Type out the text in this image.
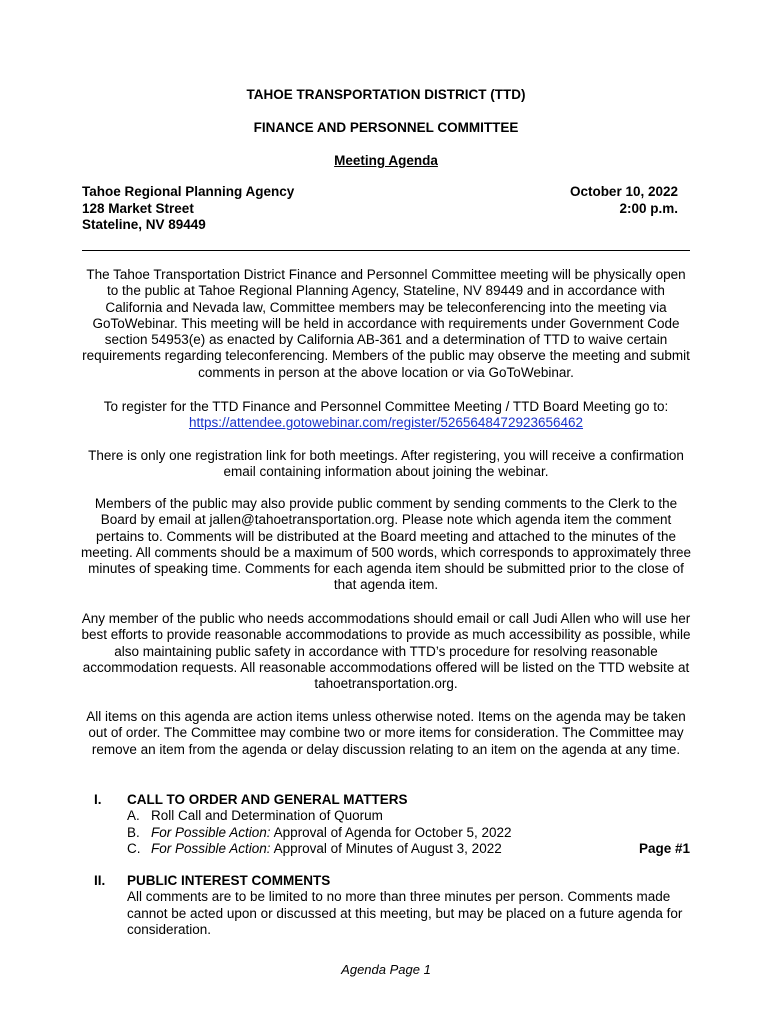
TAHOE TRANSPORTATION DISTRICT (TTD)
FINANCE AND PERSONNEL COMMITTEE
Meeting Agenda
Tahoe Regional Planning Agency
128 Market Street
Stateline, NV 89449
October 10, 2022
2:00 p.m.
The Tahoe Transportation District Finance and Personnel Committee meeting will be physically open to the public at Tahoe Regional Planning Agency, Stateline, NV 89449 and in accordance with California and Nevada law, Committee members may be teleconferencing into the meeting via GoToWebinar. This meeting will be held in accordance with requirements under Government Code section 54953(e) as enacted by California AB-361 and a determination of TTD to waive certain requirements regarding teleconferencing. Members of the public may observe the meeting and submit comments in person at the above location or via GoToWebinar.
To register for the TTD Finance and Personnel Committee Meeting / TTD Board Meeting go to:
https://attendee.gotowebinar.com/register/526564847292365646​2
There is only one registration link for both meetings. After registering, you will receive a confirmation email containing information about joining the webinar.
Members of the public may also provide public comment by sending comments to the Clerk to the Board by email at jallen@tahoetransportation.org. Please note which agenda item the comment pertains to. Comments will be distributed at the Board meeting and attached to the minutes of the meeting. All comments should be a maximum of 500 words, which corresponds to approximately three minutes of speaking time. Comments for each agenda item should be submitted prior to the close of that agenda item.
Any member of the public who needs accommodations should email or call Judi Allen who will use her best efforts to provide reasonable accommodations to provide as much accessibility as possible, while also maintaining public safety in accordance with TTD’s procedure for resolving reasonable accommodation requests. All reasonable accommodations offered will be listed on the TTD website at tahoetransportation.org.
All items on this agenda are action items unless otherwise noted. Items on the agenda may be taken out of order. The Committee may combine two or more items for consideration. The Committee may remove an item from the agenda or delay discussion relating to an item on the agenda at any time.
I. CALL TO ORDER AND GENERAL MATTERS
A. Roll Call and Determination of Quorum
B. For Possible Action: Approval of Agenda for October 5, 2022
C. For Possible Action: Approval of Minutes of August 3, 2022	Page #1
II. PUBLIC INTEREST COMMENTS
All comments are to be limited to no more than three minutes per person. Comments made cannot be acted upon or discussed at this meeting, but may be placed on a future agenda for consideration.
Agenda Page 1
